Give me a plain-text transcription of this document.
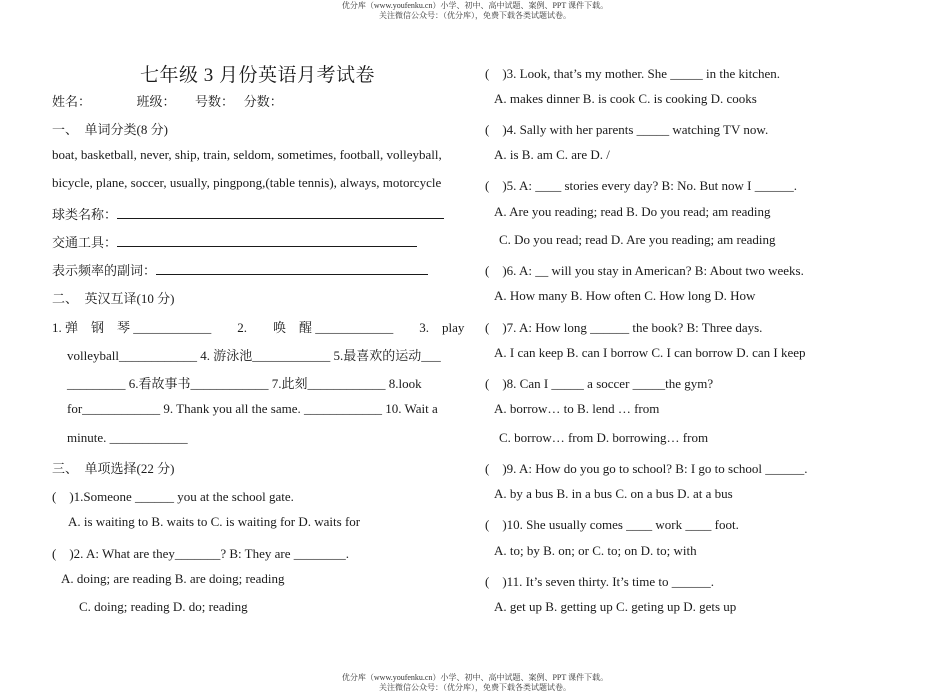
优分库（www.youfenku.cn）小学、初中、高中试题、案例、PPT 课件下载。
关注微信公众号：（优分库），免费下载各类试题试卷。
七年级 3 月份英语月考试卷
姓名：　　　　班级：　　号数：　 分数：
一、　单词分类(8 分)
boat, basketball, never, ship, train, seldom, sometimes, football, volleyball,
bicycle, plane, soccer, usually, pingpong,(table tennis), always, motorcycle
球类名称：
交通工具：
表示频率的副词：
二、　英汉互译(10 分)
1. 弹　钢　琴 ____________　　2.　　唤　醒 ____________　　3.　play
volleyball____________ 4. 游泳池____________ 5.最喜欢的运动___
_________ 6.看故事书____________ 7.此刻____________ 8.look
for____________ 9. Thank you all the same. ____________ 10. Wait a
minute. ____________
三、　单项选择(22 分)
(　)1.Someone ______ you at the school gate.
A. is waiting to B. waits to C. is waiting for D. waits for
(　)2. A: What are they_______? B: They are ________.
A. doing; are reading B. are doing; reading
C. doing; reading D. do; reading
(　)3. Look, that’s my mother. She _____ in the kitchen.
A. makes dinner B. is cook C. is cooking D. cooks
(　)4. Sally with her parents _____ watching TV now.
A. is B. am C. are D. /
(　)5. A: ____ stories every day? B: No. But now I ______.
A. Are you reading; read B. Do you read; am reading
C. Do you read; read D. Are you reading; am reading
(　)6. A: __ will you stay in American? B: About two weeks.
A. How many B. How often C. How long D. How
(　)7. A: How long ______ the book? B: Three days.
A. I can keep B. can I borrow C. I can borrow D. can I keep
(　)8. Can I _____ a soccer _____the gym?
A. borrow… to B. lend … from
C. borrow… from D. borrowing… from
(　)9. A: How do you go to school? B: I go to school ______.
A. by a bus B. in a bus C. on a bus D. at a bus
(　)10. She usually comes ____ work ____ foot.
A. to; by B. on; or C. to; on D. to; with
(　)11. It’s seven thirty. It’s time to ______.
A. get up B. getting up C. geting up D. gets up
优分库（www.youfenku.cn）小学、初中、高中试题、案例、PPT 课件下载。
关注微信公众号：（优分库），免费下载各类试题试卷。
